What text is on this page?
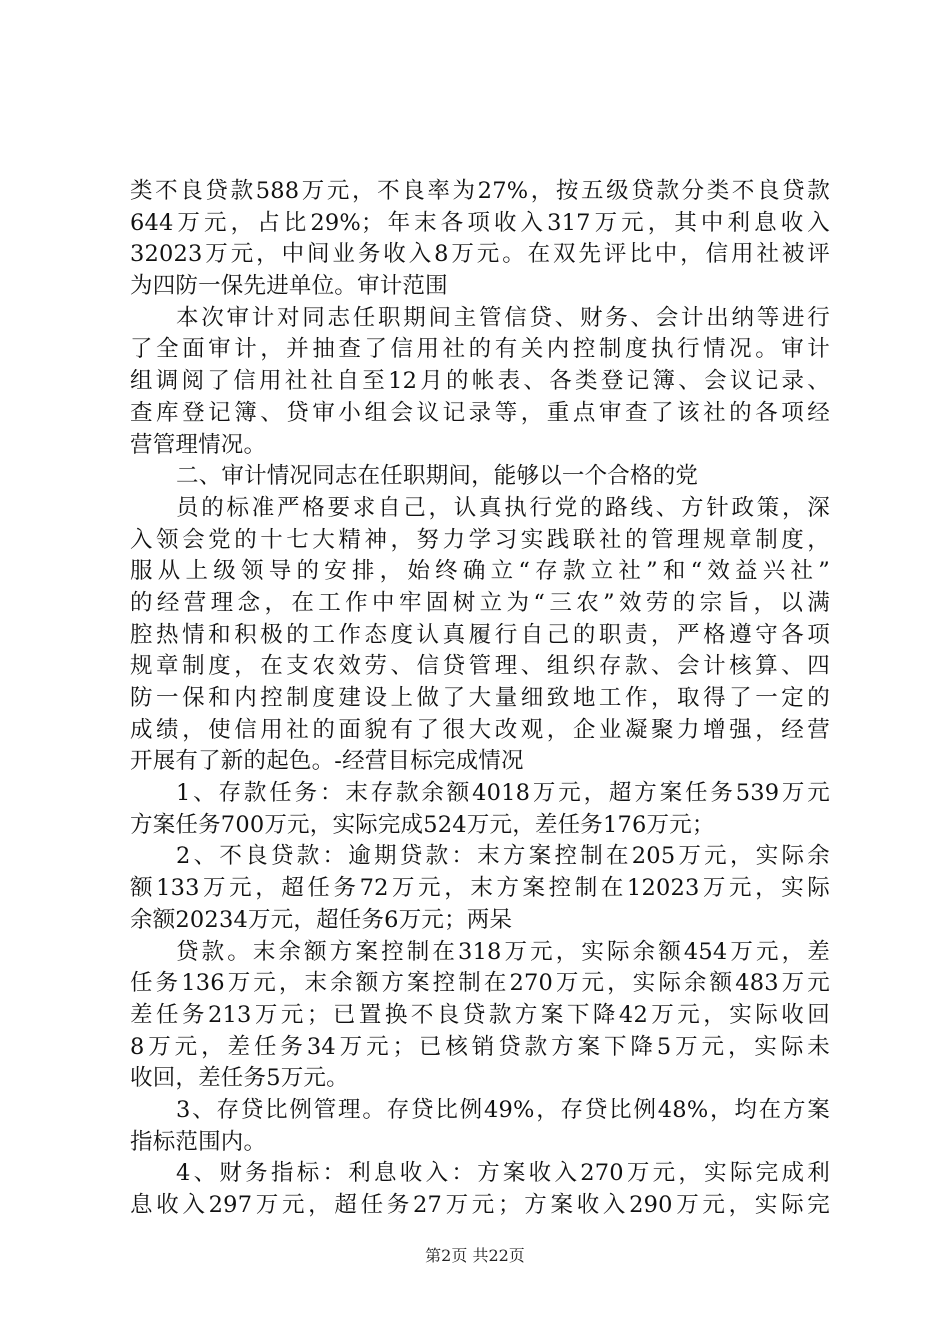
类不良贷款588万元，不良率为27%，按五级贷款分类不良贷款
644万元，占比29%；年末各项收入317万元，其中利息收入
32023万元，中间业务收入8万元。在双先评比中，信用社被评
为四防一保先进单位。审计范围
本次审计对同志任职期间主管信贷、财务、会计出纳等进行
了全面审计，并抽查了信用社的有关内控制度执行情况。审计
组调阅了信用社社自至12月的帐表、各类登记簿、会议记录、
查库登记簿、贷审小组会议记录等，重点审查了该社的各项经
营管理情况。
二、审计情况同志在任职期间，能够以一个合格的党
员的标准严格要求自己，认真执行党的路线、方针政策，深
入领会党的十七大精神，努力学习实践联社的管理规章制度，
服从上级领导的安排，始终确立“存款立社”和“效益兴社”
的经营理念，在工作中牢固树立为“三农”效劳的宗旨，以满
腔热情和积极的工作态度认真履行自己的职责，严格遵守各项
规章制度，在支农效劳、信贷管理、组织存款、会计核算、四
防一保和内控制度建设上做了大量细致地工作，取得了一定的
成绩，使信用社的面貌有了很大改观，企业凝聚力增强，经营
开展有了新的起色。-经营目标完成情况
1、存款任务：末存款余额4018万元，超方案任务539万元
方案任务700万元，实际完成524万元，差任务176万元；
2、不良贷款：逾期贷款：末方案控制在205万元，实际余
额133万元，超任务72万元，末方案控制在12023万元，实际
余额20234万元，超任务6万元；两呆
贷款。末余额方案控制在318万元，实际余额454万元，差
任务136万元，末余额方案控制在270万元，实际余额483万元
差任务213万元；已置换不良贷款方案下降42万元，实际收回
8万元，差任务34万元；已核销贷款方案下降5万元，实际未
收回，差任务5万元。
3、存贷比例管理。存贷比例49%，存贷比例48%，均在方案
指标范围内。
4、财务指标：利息收入：方案收入270万元，实际完成利
息收入297万元，超任务27万元；方案收入290万元，实际完
第2页 共22页
